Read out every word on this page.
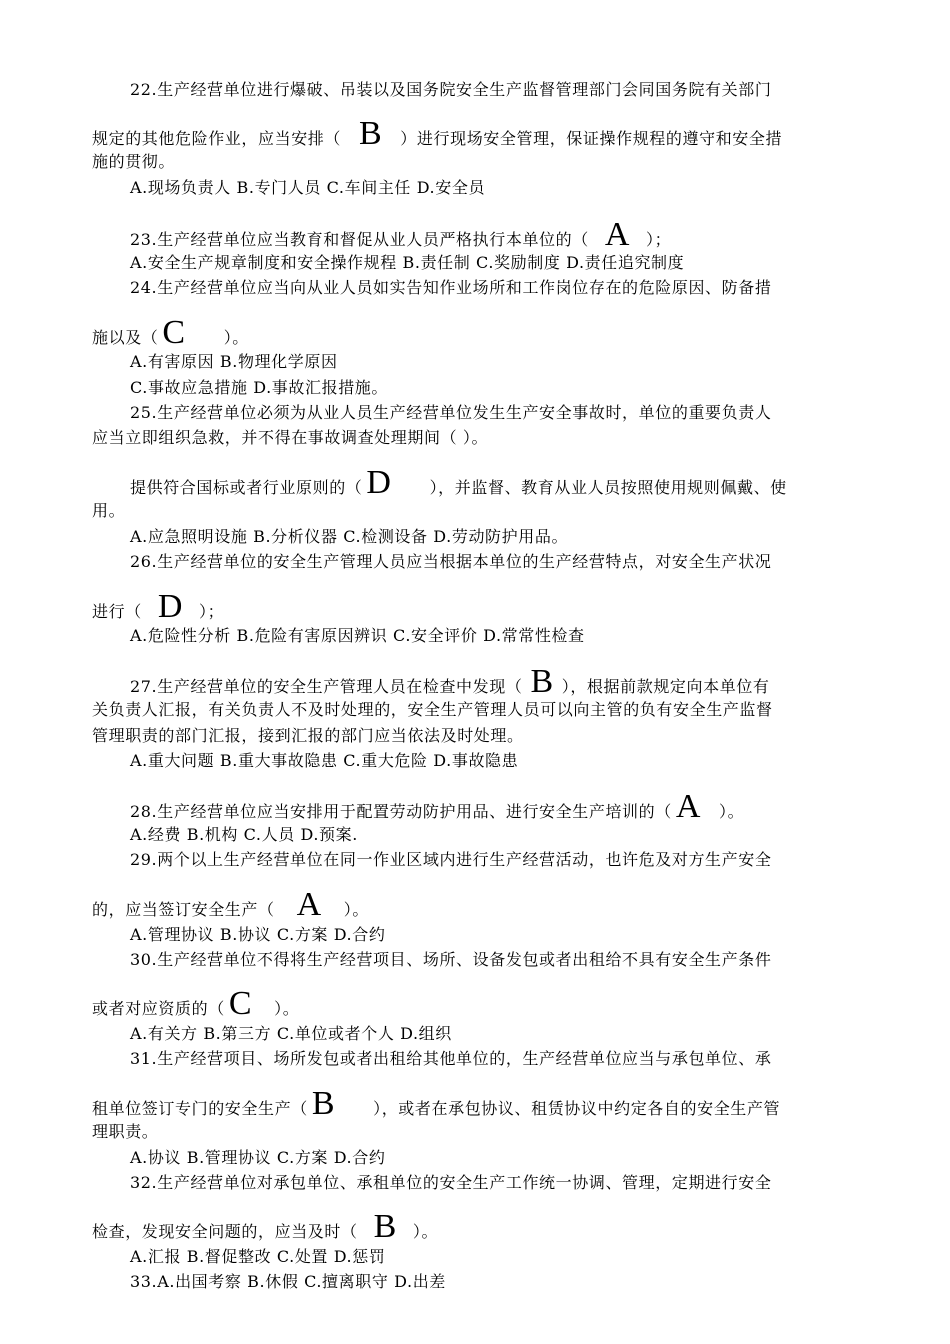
22.生产经营单位进行爆破、吊装以及国务院安全生产监督管理部门会同国务院有关部门
规定的其他危险作业，应当安排（ B ）进行现场安全管理，保证操作规程的遵守和安全措
施的贯彻。
A.现场负责人 B.专门人员 C.车间主任 D.安全员
23.生产经营单位应当教育和督促从业人员严格执行本单位的（ A ）；
A.安全生产规章制度和安全操作规程 B.责任制 C.奖励制度 D.责任追究制度
24.生产经营单位应当向从业人员如实告知作业场所和工作岗位存在的危险原因、防备措
施以及（ C ）。
A.有害原因 B.物理化学原因
C.事故应急措施 D.事故汇报措施。
25.生产经营单位必须为从业人员生产经营单位发生生产安全事故时，单位的重要负责人
应当立即组织急救，并不得在事故调查处理期间（ ）。
提供符合国标或者行业原则的（ D ），并监督、教育从业人员按照使用规则佩戴、使
用。
A.应急照明设施 B.分析仪器 C.检测设备 D.劳动防护用品。
26.生产经营单位的安全生产管理人员应当根据本单位的生产经营特点，对安全生产状况
进行（ D ）；
A.危险性分析 B.危险有害原因辨识 C.安全评价 D.常常性检查
27.生产经营单位的安全生产管理人员在检查中发现（ B ），根据前款规定向本单位有
关负责人汇报，有关负责人不及时处理的，安全生产管理人员可以向主管的负有安全生产监督
管理职责的部门汇报，接到汇报的部门应当依法及时处理。
A.重大问题 B.重大事故隐患 C.重大危险 D.事故隐患
28.生产经营单位应当安排用于配置劳动防护用品、进行安全生产培训的（ A ）。
A.经费 B.机构 C.人员 D.预案.
29.两个以上生产经营单位在同一作业区域内进行生产经营活动，也许危及对方生产安全
的，应当签订安全生产（ A ）。
A.管理协议 B.协议 C.方案 D.合约
30.生产经营单位不得将生产经营项目、场所、设备发包或者出租给不具有安全生产条件
或者对应资质的（ C ）。
A.有关方 B.第三方 C.单位或者个人 D.组织
31.生产经营项目、场所发包或者出租给其他单位的，生产经营单位应当与承包单位、承
租单位签订专门的安全生产（ B ），或者在承包协议、租赁协议中约定各自的安全生产管
理职责。
A.协议 B.管理协议 C.方案 D.合约
32.生产经营单位对承包单位、承租单位的安全生产工作统一协调、管理，定期进行安全
检查，发现安全问题的，应当及时（ B ）。
A.汇报 B.督促整改 C.处置 D.惩罚
33.A.出国考察 B.休假 C.擅离职守 D.出差
